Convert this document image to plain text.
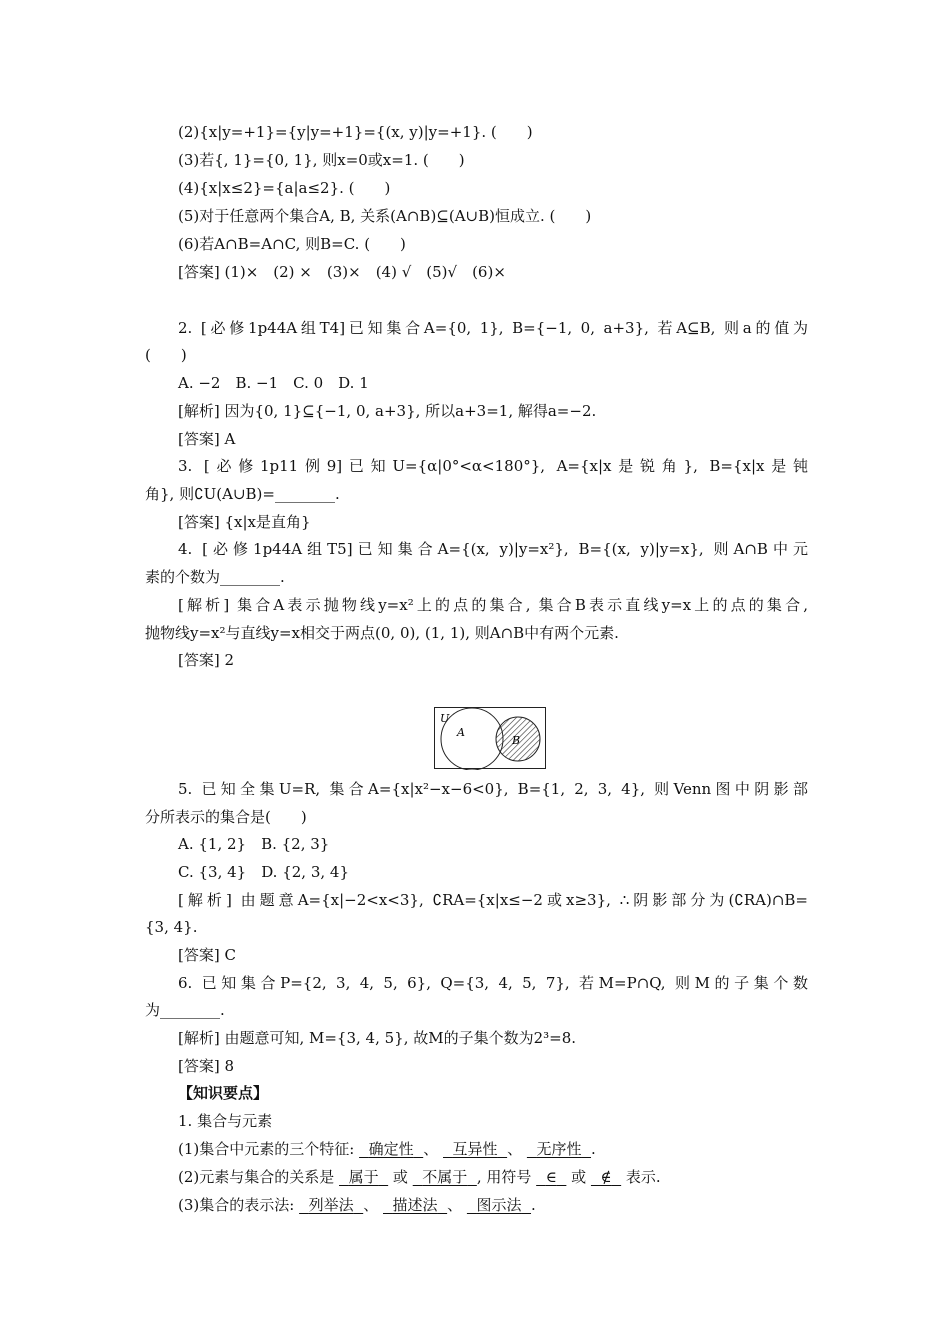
(2){x|y=+1}={y|y=+1}={(x, y)|y=+1}. (　　)
(3)若{, 1}={0, 1}, 则x=0或x=1. (　　)
(4){x|x≤2}={a|a≤2}. (　　)
(5)对于任意两个集合A, B, 关系(A∩B)⊆(A∪B)恒成立. (　　)
(6)若A∩B=A∩C, 则B=C. (　　)
[答案] (1)×　(2) ×　(3)×　(4) √　(5)√　(6)×
2. [必修1p44A组T4]已知集合A={0, 1}, B={−1, 0, a+3}, 若A⊆B, 则a的值为
(　　)
A. −2　B. −1　C. 0　D. 1
[解析] 因为{0, 1}⊆{−1, 0, a+3}, 所以a+3=1, 解得a=−2.
[答案] A
3. [必修1p11例9]已知U={α|0°<α<180°}, A={x|x是锐角}, B={x|x是钝
角}, 则∁U(A∪B)=________.
[答案] {x|x是直角}
4. [必修1p44A组T5]已知集合A={(x, y)|y=x²}, B={(x, y)|y=x}, 则A∩B中元
素的个数为________.
[解析] 集合A表示抛物线y=x²上的点的集合, 集合B表示直线y=x上的点的集合,
抛物线y=x²与直线y=x相交于两点(0, 0), (1, 1), 则A∩B中有两个元素.
[答案] 2
U
A
B
5. 已知全集U=R, 集合A={x|x²−x−6<0}, B={1, 2, 3, 4}, 则Venn图中阴影部
分所表示的集合是(　　)
A. {1, 2}　B. {2, 3}
C. {3, 4}　D. {2, 3, 4}
[解析] 由题意A={x|−2<x<3}, ∁RA={x|x≤−2或x≥3}, ∴阴影部分为(∁RA)∩B=
{3, 4}.
[答案] C
6. 已知集合P={2, 3, 4, 5, 6}, Q={3, 4, 5, 7}, 若M=P∩Q, 则M的子集个数
为________.
[解析] 由题意可知, M={3, 4, 5}, 故M的子集个数为2³=8.
[答案] 8
【知识要点】
1. 集合与元素
(1)集合中元素的三个特征: 确定性 、 互异性 、 无序性 .
(2)元素与集合的关系是 属于 或 不属于 , 用符号 ∈ 或 ∉ 表示.
(3)集合的表示法: 列举法 、 描述法 、 图示法 .
